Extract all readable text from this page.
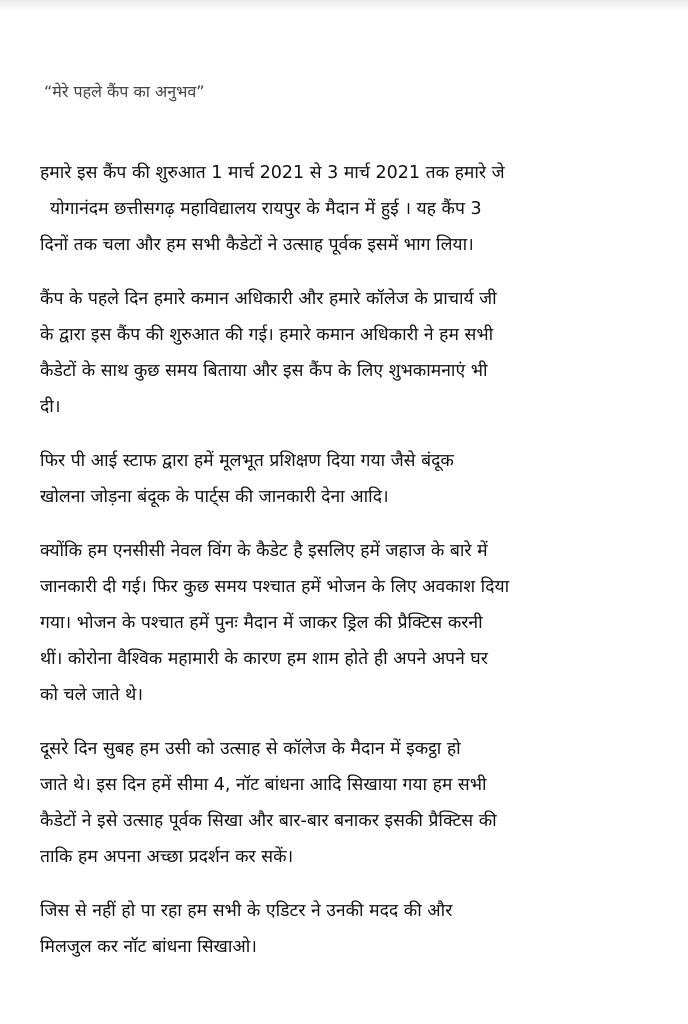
“मेरे पहले कैंप का अनुभव”
हमारे इस कैंप की शुरुआत 1 मार्च 2021 से 3 मार्च 2021 तक हमारे जे
योगानंदम छत्तीसगढ़ महाविद्यालय रायपुर के मैदान में हुई । यह कैंप 3
दिनों तक चला और हम सभी कैडेटों ने उत्साह पूर्वक इसमें भाग लिया।
कैंप के पहले दिन हमारे कमान अधिकारी और हमारे कॉलेज के प्राचार्य जी
के द्वारा इस कैंप की शुरुआत की गई। हमारे कमान अधिकारी ने हम सभी
कैडेटों के साथ कुछ समय बिताया और इस कैंप के लिए शुभकामनाएं भी
दी।
फिर पी आई स्टाफ द्वारा हमें मूलभूत प्रशिक्षण दिया गया जैसे बंदूक
खोलना जोड़ना बंदूक के पार्ट्स की जानकारी देना आदि।
क्योंकि हम एनसीसी नेवल विंग के कैडेट है इसलिए हमें जहाज के बारे में
जानकारी दी गई। फिर कुछ समय पश्चात हमें भोजन के लिए अवकाश दिया
गया। भोजन के पश्चात हमें पुनः मैदान में जाकर ड्रिल की प्रैक्टिस करनी
थीं। कोरोना वैश्विक महामारी के कारण हम शाम होते ही अपने अपने घर
को चले जाते थे।
दूसरे दिन सुबह हम उसी को उत्साह से कॉलेज के मैदान में इकट्ठा हो
जाते थे। इस दिन हमें सीमा 4, नॉट बांधना आदि सिखाया गया हम सभी
कैडेटों ने इसे उत्साह पूर्वक सिखा और बार-बार बनाकर इसकी प्रैक्टिस की
ताकि हम अपना अच्छा प्रदर्शन कर सकें।
जिस से नहीं हो पा रहा हम सभी के एडिटर ने उनकी मदद की और
मिलजुल कर नॉट बांधना सिखाओ।
